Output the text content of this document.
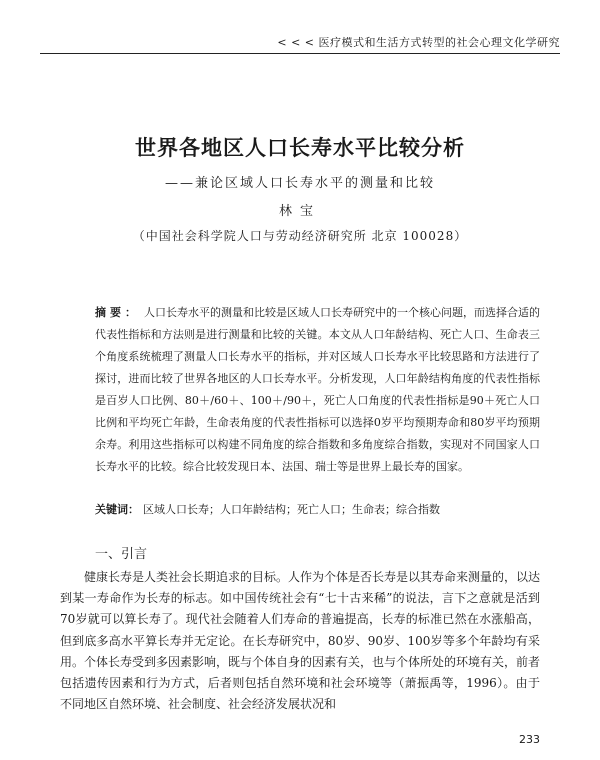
< < < 医疗模式和生活方式转型的社会心理文化学研究
世界各地区人口长寿水平比较分析
——兼论区域人口长寿水平的测量和比较
林宝
（中国社会科学院人口与劳动经济研究所 北京 100028）
摘要： 人口长寿水平的测量和比较是区域人口长寿研究中的一个核心问题，而选择合适的代表性指标和方法则是进行测量和比较的关键。本文从人口年龄结构、死亡人口、生命表三个角度系统梳理了测量人口长寿水平的指标，并对区域人口长寿水平比较思路和方法进行了探讨，进而比较了世界各地区的人口长寿水平。分析发现，人口年龄结构角度的代表性指标是百岁人口比例、80＋/60＋、100＋/90＋，死亡人口角度的代表性指标是90＋死亡人口比例和平均死亡年龄，生命表角度的代表性指标可以选择0岁平均预期寿命和80岁平均预期余寿。利用这些指标可以构建不同角度的综合指数和多角度综合指数，实现对不同国家人口长寿水平的比较。综合比较发现日本、法国、瑞士等是世界上最长寿的国家。
关键词： 区域人口长寿；人口年龄结构；死亡人口；生命表；综合指数
一、引言
健康长寿是人类社会长期追求的目标。人作为个体是否长寿是以其寿命来测量的，以达到某一寿命作为长寿的标志。如中国传统社会有“七十古来稀”的说法，言下之意就是活到70岁就可以算长寿了。现代社会随着人们寿命的普遍提高，长寿的标准已然在水涨船高，但到底多高水平算长寿并无定论。在长寿研究中，80岁、90岁、100岁等多个年龄均有采用。个体长寿受到多因素影响，既与个体自身的因素有关，也与个体所处的环境有关，前者包括遗传因素和行为方式，后者则包括自然环境和社会环境等（萧振禹等，1996）。由于不同地区自然环境、社会制度、社会经济发展状况和
233
